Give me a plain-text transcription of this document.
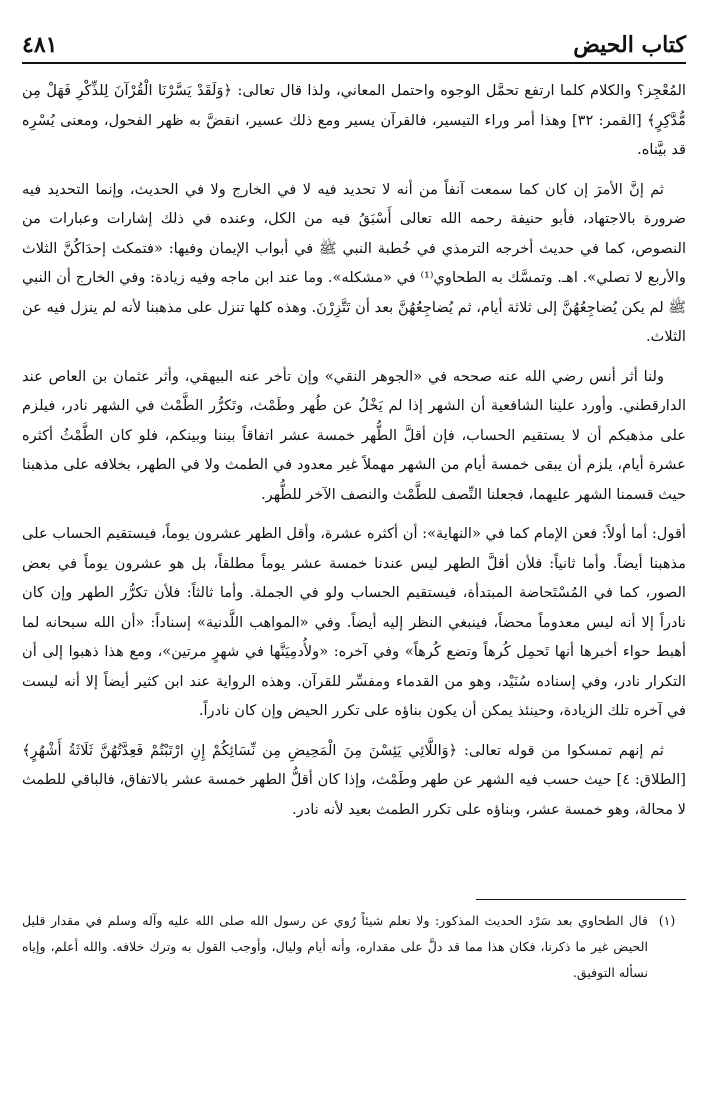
كتاب الحيض
٤٨١

المُعْجِز؟ والكلام كلما ارتفع تحمَّل الوجوه واحتمل المعاني، ولذا قال تعالى: ﴿وَلَقَدْ يَسَّرْنَا الْقُرْآنَ لِلذِّكْرِ فَهَلْ مِن مُّدَّكِرٍ﴾ [القمر: ٣٢] وهذا أمر وراء التيسير، فالقرآن يسير ومع ذلك عسير، انقضَّ به ظهر الفحول، ومعنى يُسْرِه قد بيَّناه.

ثم إنَّ الأمرَ إن كان كما سمعت آنفاً من أنه لا تحديد فيه لا في الخارج ولا في الحديث، وإنما التحديد فيه ضرورة بالاجتهاد، فأبو حنيفة رحمه الله تعالى أَسْبَقُ فيه من الكل، وعنده في ذلك إشارات وعبارات من النصوص، كما في حديث أخرجه الترمذي في خُطبة النبي ﷺ في أبواب الإيمان وفيها: «فتمكث إحدَاكُنَّ الثلاث والأربع لا تصلي». اهـ. وتمسَّك به الطحاوي⁽¹⁾ في «مشكله». وما عند ابن ماجه وفيه زيادة: وفي الخارج أن النبي ﷺ لم يكن يُضاجِعُهُنَّ إلى ثلاثة أيام، ثم يُضاجِعُهُنَّ بعد أن تَتَّزِرْنَ. وهذه كلها تنزل على مذهبنا لأنه لم ينزل فيه عن الثلاث.

ولنا أثر أنس رضي الله عنه صححه في «الجوهر النقي» وإن تأخر عنه البيهقي، وأثر عثمان بن العاص عند الدارقطني. وأورد علينا الشافعية أن الشهر إذا لم يَخْلُ عن طُهر وطَمْث، وتَكرُّر الطَّمْث في الشهر نادر، فيلزم على مذهبكم أن لا يستقيم الحساب، فإن أقلَّ الطُّهر خمسة عشر اتفاقاً بيننا وبينكم، فلو كان الطَّمْثُ أكثره عشرة أيام، يلزم أن يبقى خمسة أيام من الشهر مهملاً غير معدود في الطمث ولا في الطهر، بخلافه على مذهبنا حيث قسمنا الشهر عليهما، فجعلنا النِّصف للطَّمْث والنصف الآخر للطُّهر.

أقول: أما أولاً: فعن الإمام كما في «النهاية»: أن أكثره عشرة، وأقل الطهر عشرون يوماً، فيستقيم الحساب على مذهبنا أيضاً. وأما ثانياً: فلأن أقلَّ الطهر ليس عندنا خمسة عشر يوماً مطلقاً، بل هو عشرون يوماً في بعض الصور، كما في المُسْتَحاضة المبتدأة، فيستقيم الحساب ولو في الجملة. وأما ثالثاً: فلأن تكرُّر الطهر وإن كان نادراً إلا أنه ليس معدوماً محضاً، فينبغي النظر إليه أيضاً. وفي «المواهب اللَّدنية» إسناداً: «أن الله سبحانه لما أهبط حواء أخبرها أنها تَحمِل كُرهاً وتضع كُرهاً» وفي آخره: «ولأُدمِيَنَّها في شهرٍ مرتين»، ومع هذا ذهبوا إلى أن التكرار نادر، وفي إسناده سُنَيْد، وهو من القدماء ومفسِّر للقرآن. وهذه الرواية عند ابن كثير أيضاً إلا أنه ليست في آخره تلك الزيادة، وحينئذ يمكن أن يكون بناؤه على تكرر الحيض وإن كان نادراً.

ثم إنهم تمسكوا من قوله تعالى: ﴿وَاللَّائِي يَئِسْنَ مِنَ الْمَحِيضِ مِن نِّسَائِكُمْ إِنِ ارْتَبْتُمْ فَعِدَّتُهُنَّ ثَلَاثَةُ أَشْهُرٍ﴾ [الطلاق: ٤] حيث حسب فيه الشهر عن طهر وطَمْث، وإذا كان أقلُّ الطهر خمسة عشر بالاتفاق، فالباقي للطمث لا محالة، وهو خمسة عشر، وبناؤه على تكرر الطمث بعيد لأنه نادر.

(١)
قال الطحاوي بعد سَرْد الحديث المذكور: ولا نعلم شيئاً رُوي عن رسول الله صلى الله عليه وآله وسلم في مقدار قليل الحيض غير ما ذكرنا، فكان هذا مما قد دلَّ على مقداره، وأنه أيام وليال، وأوجب القول به وترك خلافه. والله أعلم، وإياه نسأله التوفيق.
